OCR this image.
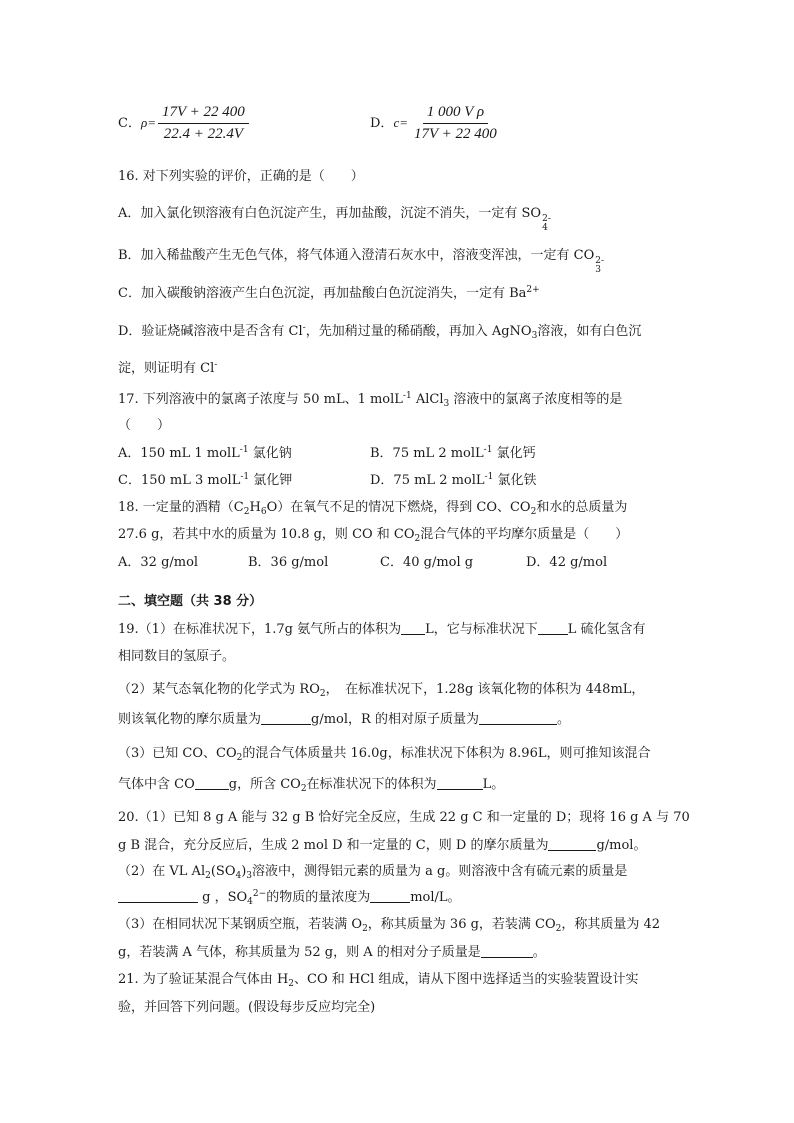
C．$\rho= \frac{17V + 22 400}{22.4 + 22.4V}$	D．$c= \frac{\text{1 000 V ρ}}{17V + 22 400}$
16. 对下列实验的评价，正确的是（　　）
A．加入氯化钡溶液有白色沉淀产生，再加盐酸，沉淀不消失，一定有 SO 2-
4
B．加入稀盐酸产生无色气体，将气体通入澄清石灰水中，溶液变浑浊，一定有 CO 2-
3
C．加入碳酸钠溶液产生白色沉淀，再加盐酸白色沉淀消失，一定有 $Ba^{2+}$
D．验证烧碱溶液中是否含有 Cl-，先加稍过量的稀硝酸，再加入 AgNO$_3$溶液，如有白色沉
淀，则证明有 Cl-
17. 下列溶液中的氯离子浓度与 50 mL、1 molL$^{-1}$ AlCl$_3$ 溶液中的氯离子浓度相等的是
（　　）
A．150 mL 1 molL$^{-1}$ 氯化钠	B．75 mL 2 molL$^{-1}$ 氯化钙
C．150 mL 3 molL$^{-1}$ 氯化钾	D．75 mL 2 molL$^{-1}$ 氯化铁
18. 一定量的酒精$(C_2H_6O)$在氧气不足的情况下燃烧，得到 CO、$CO_2$和水的总质量为
27.6 g，若其中水的质量为 10.8 g，则 CO 和 $CO_2$混合气体的平均摩尔质量是（　　）
A．32 g/mol	B．36 g/mol	C．40 g/mol g	D．42 g/mol
二、填空题（共 38 分）
19.（1）在标准状况下，1.7g 氨气所占的体积为 L，它与标准状况下 L 硫化氢含有
相同数目的氢原子。
（2）某气态氧化物的化学式为 $RO_2$，　在标准状况下，1.28g 该氧化物的体积为 448mL，
则该氧化物的摩尔质量为	g/mol，R 的相对原子质量为	。
（3）已知 CO、$CO_2$的混合气体质量共 16.0g，标准状况下体积为 8.96L，则可推知该混合
气体中含 CO	g，所含 $CO_2$在标准状况下的体积为	L。
20.（1）已知 8 g A 能与 32 g B 恰好完全反应，生成 22 g C 和一定量的 D；现将 16 g A 与 70
g B 混合，充分反应后，生成 2 mol D 和一定量的 C，则 D 的摩尔质量为	g/mol。
（2）在 VL $Al_2(SO_4)_3$溶液中，测得铝元素的质量为 a g。则溶液中含有硫元素的质量是
g ，$SO_4^{2-}$的物质的量浓度为	mol/L。
（3）在相同状况下某钢质空瓶，若装满 $O_2$，称其质量为 36 g，若装满 $CO_2$，称其质量为 42
g，若装满 A 气体，称其质量为 52 g，则 A 的相对分子质量是	。
21. 为了验证某混合气体由 $H_2$、CO 和 HCl 组成，请从下图中选择适当的实验装置设计实
验，并回答下列问题。(假设每步反应均完全)
